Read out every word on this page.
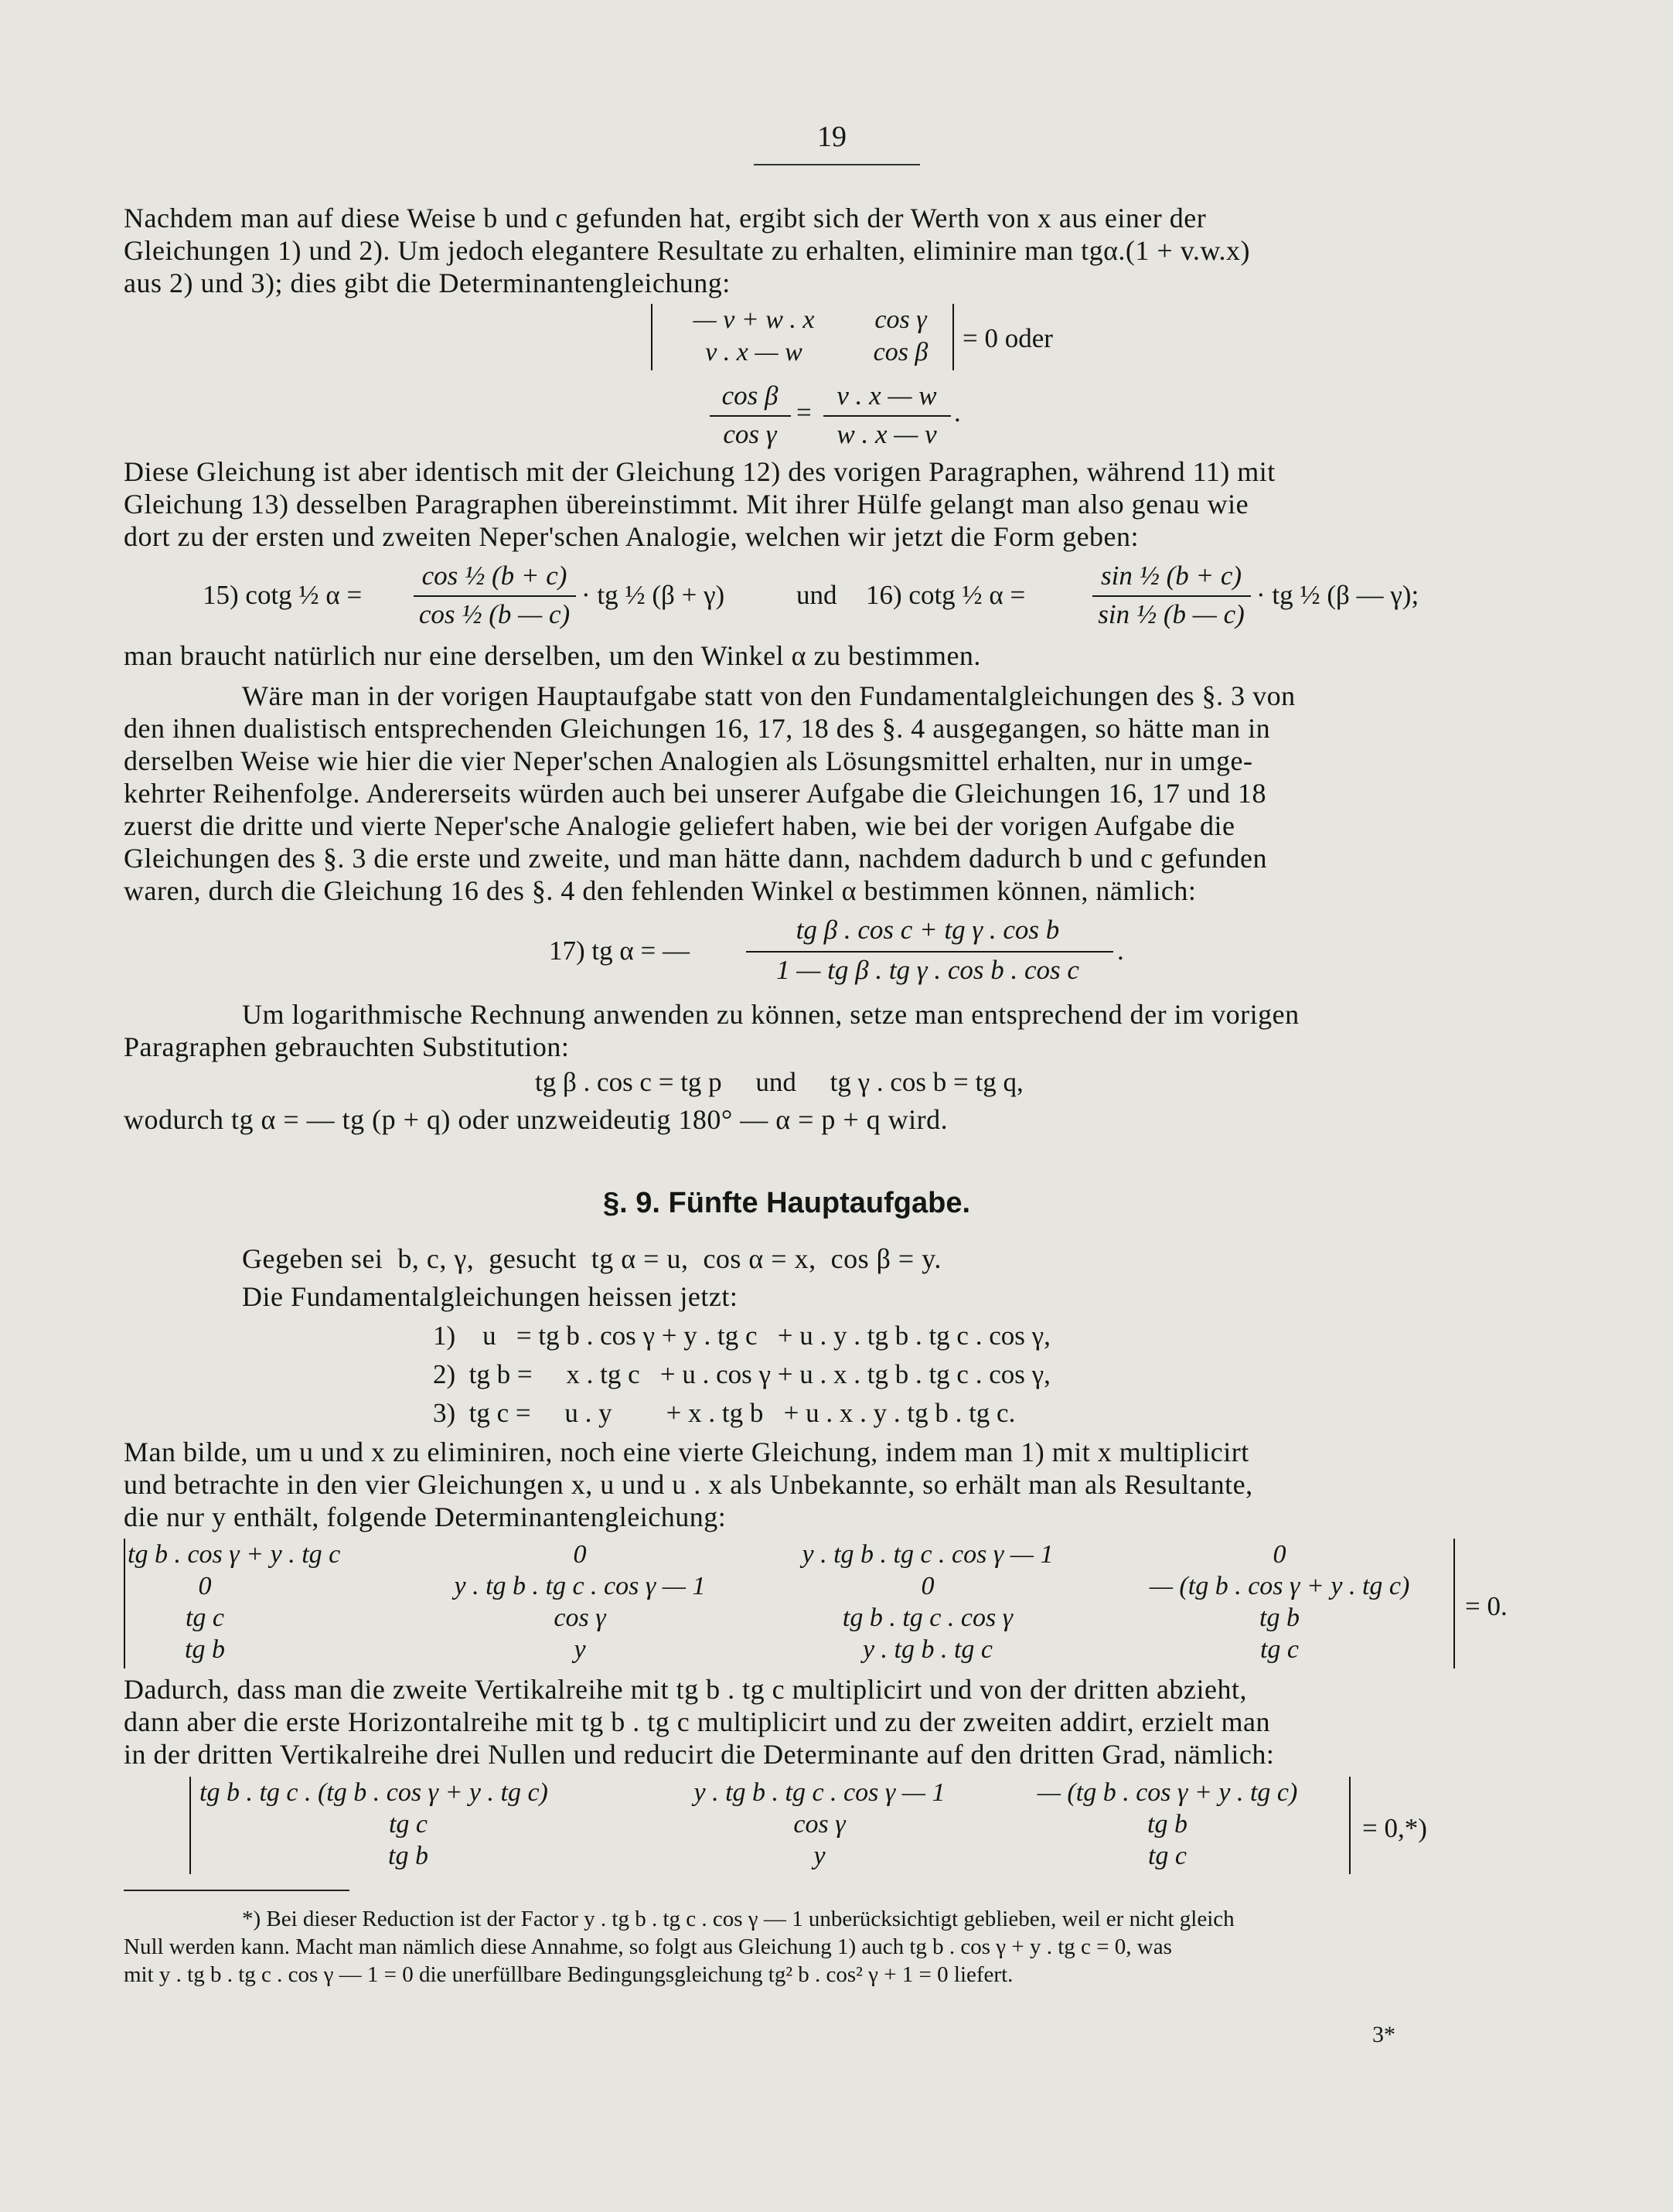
19
Nachdem man auf diese Weise b und c gefunden hat, ergibt sich der Werth von x aus einer der
Gleichungen 1) und 2). Um jedoch elegantere Resultate zu erhalten, eliminire man tgα.(1 + v.w.x)
aus 2) und 3); dies gibt die Determinantengleichung:
— v + w . x	cos γ
v . x — w	cos β	= 0 oder
cos β
cos γ
=
v . x — w
w . x — v
.
Diese Gleichung ist aber identisch mit der Gleichung 12) des vorigen Paragraphen, während 11) mit
Gleichung 13) desselben Paragraphen übereinstimmt. Mit ihrer Hülfe gelangt man also genau wie
dort zu der ersten und zweiten Neper'schen Analogie, welchen wir jetzt die Form geben:
15) cotg ½ α =
cos ½ (b + c)
cos ½ (b — c)
· tg ½ (β + γ)	und 16) cotg ½ α =
sin ½ (b + c)
sin ½ (b — c)
· tg ½ (β — γ);
man braucht natürlich nur eine derselben, um den Winkel α zu bestimmen.
Wäre man in der vorigen Hauptaufgabe statt von den Fundamentalgleichungen des §. 3 von
den ihnen dualistisch entsprechenden Gleichungen 16, 17, 18 des §. 4 ausgegangen, so hätte man in
derselben Weise wie hier die vier Neper'schen Analogien als Lösungsmittel erhalten, nur in umge-
kehrter Reihenfolge. Andererseits würden auch bei unserer Aufgabe die Gleichungen 16, 17 und 18
zuerst die dritte und vierte Neper'sche Analogie geliefert haben, wie bei der vorigen Aufgabe die
Gleichungen des §. 3 die erste und zweite, und man hätte dann, nachdem dadurch b und c gefunden
waren, durch die Gleichung 16 des §. 4 den fehlenden Winkel α bestimmen können, nämlich:
17) tg α = —
tg β . cos c + tg γ . cos b
1 — tg β . tg γ . cos b . cos c
.
Um logarithmische Rechnung anwenden zu können, setze man entsprechend der im vorigen
Paragraphen gebrauchten Substitution:
tg β . cos c = tg p     und     tg γ . cos b = tg q,
wodurch tg α = — tg (p + q) oder unzweideutig 180° — α = p + q wird.
§. 9. Fünfte Hauptaufgabe.
Gegeben sei  b, c, γ,  gesucht  tg α = u,  cos α = x,  cos β = y.
Die Fundamentalgleichungen heissen jetzt:
1)    u   = tg b . cos γ + y . tg c   + u . y . tg b . tg c . cos γ,
2)  tg b =     x . tg c   + u . cos γ + u . x . tg b . tg c . cos γ,
3)  tg c =     u . y        + x . tg b   + u . x . y . tg b . tg c.
Man bilde, um u und x zu eliminiren, noch eine vierte Gleichung, indem man 1) mit x multiplicirt
und betrachte in den vier Gleichungen x, u und u . x als Unbekannte, so erhält man als Resultante,
die nur y enthält, folgende Determinantengleichung:
tg b . cos γ + y . tg c	0	y . tg b . tg c . cos γ — 1	0
0	y . tg b . tg c . cos γ — 1	0	— (tg b . cos γ + y . tg c)
tg c	cos γ	tg b . tg c . cos γ	tg b
tg b	y	y . tg b . tg c	tg c
= 0.
Dadurch, dass man die zweite Vertikalreihe mit tg b . tg c multiplicirt und von der dritten abzieht,
dann aber die erste Horizontalreihe mit tg b . tg c multiplicirt und zu der zweiten addirt, erzielt man
in der dritten Vertikalreihe drei Nullen und reducirt die Determinante auf den dritten Grad, nämlich:
tg b . tg c . (tg b . cos γ + y . tg c)	y . tg b . tg c . cos γ — 1	— (tg b . cos γ + y . tg c)
tg c	cos γ	tg b
tg b	y	tg c
= 0,*)
*) Bei dieser Reduction ist der Factor y . tg b . tg c . cos γ — 1 unberücksichtigt geblieben, weil er nicht gleich
Null werden kann. Macht man nämlich diese Annahme, so folgt aus Gleichung 1) auch tg b . cos γ + y . tg c = 0, was
mit y . tg b . tg c . cos γ — 1 = 0 die unerfüllbare Bedingungsgleichung tg² b . cos² γ + 1 = 0 liefert.
3*
